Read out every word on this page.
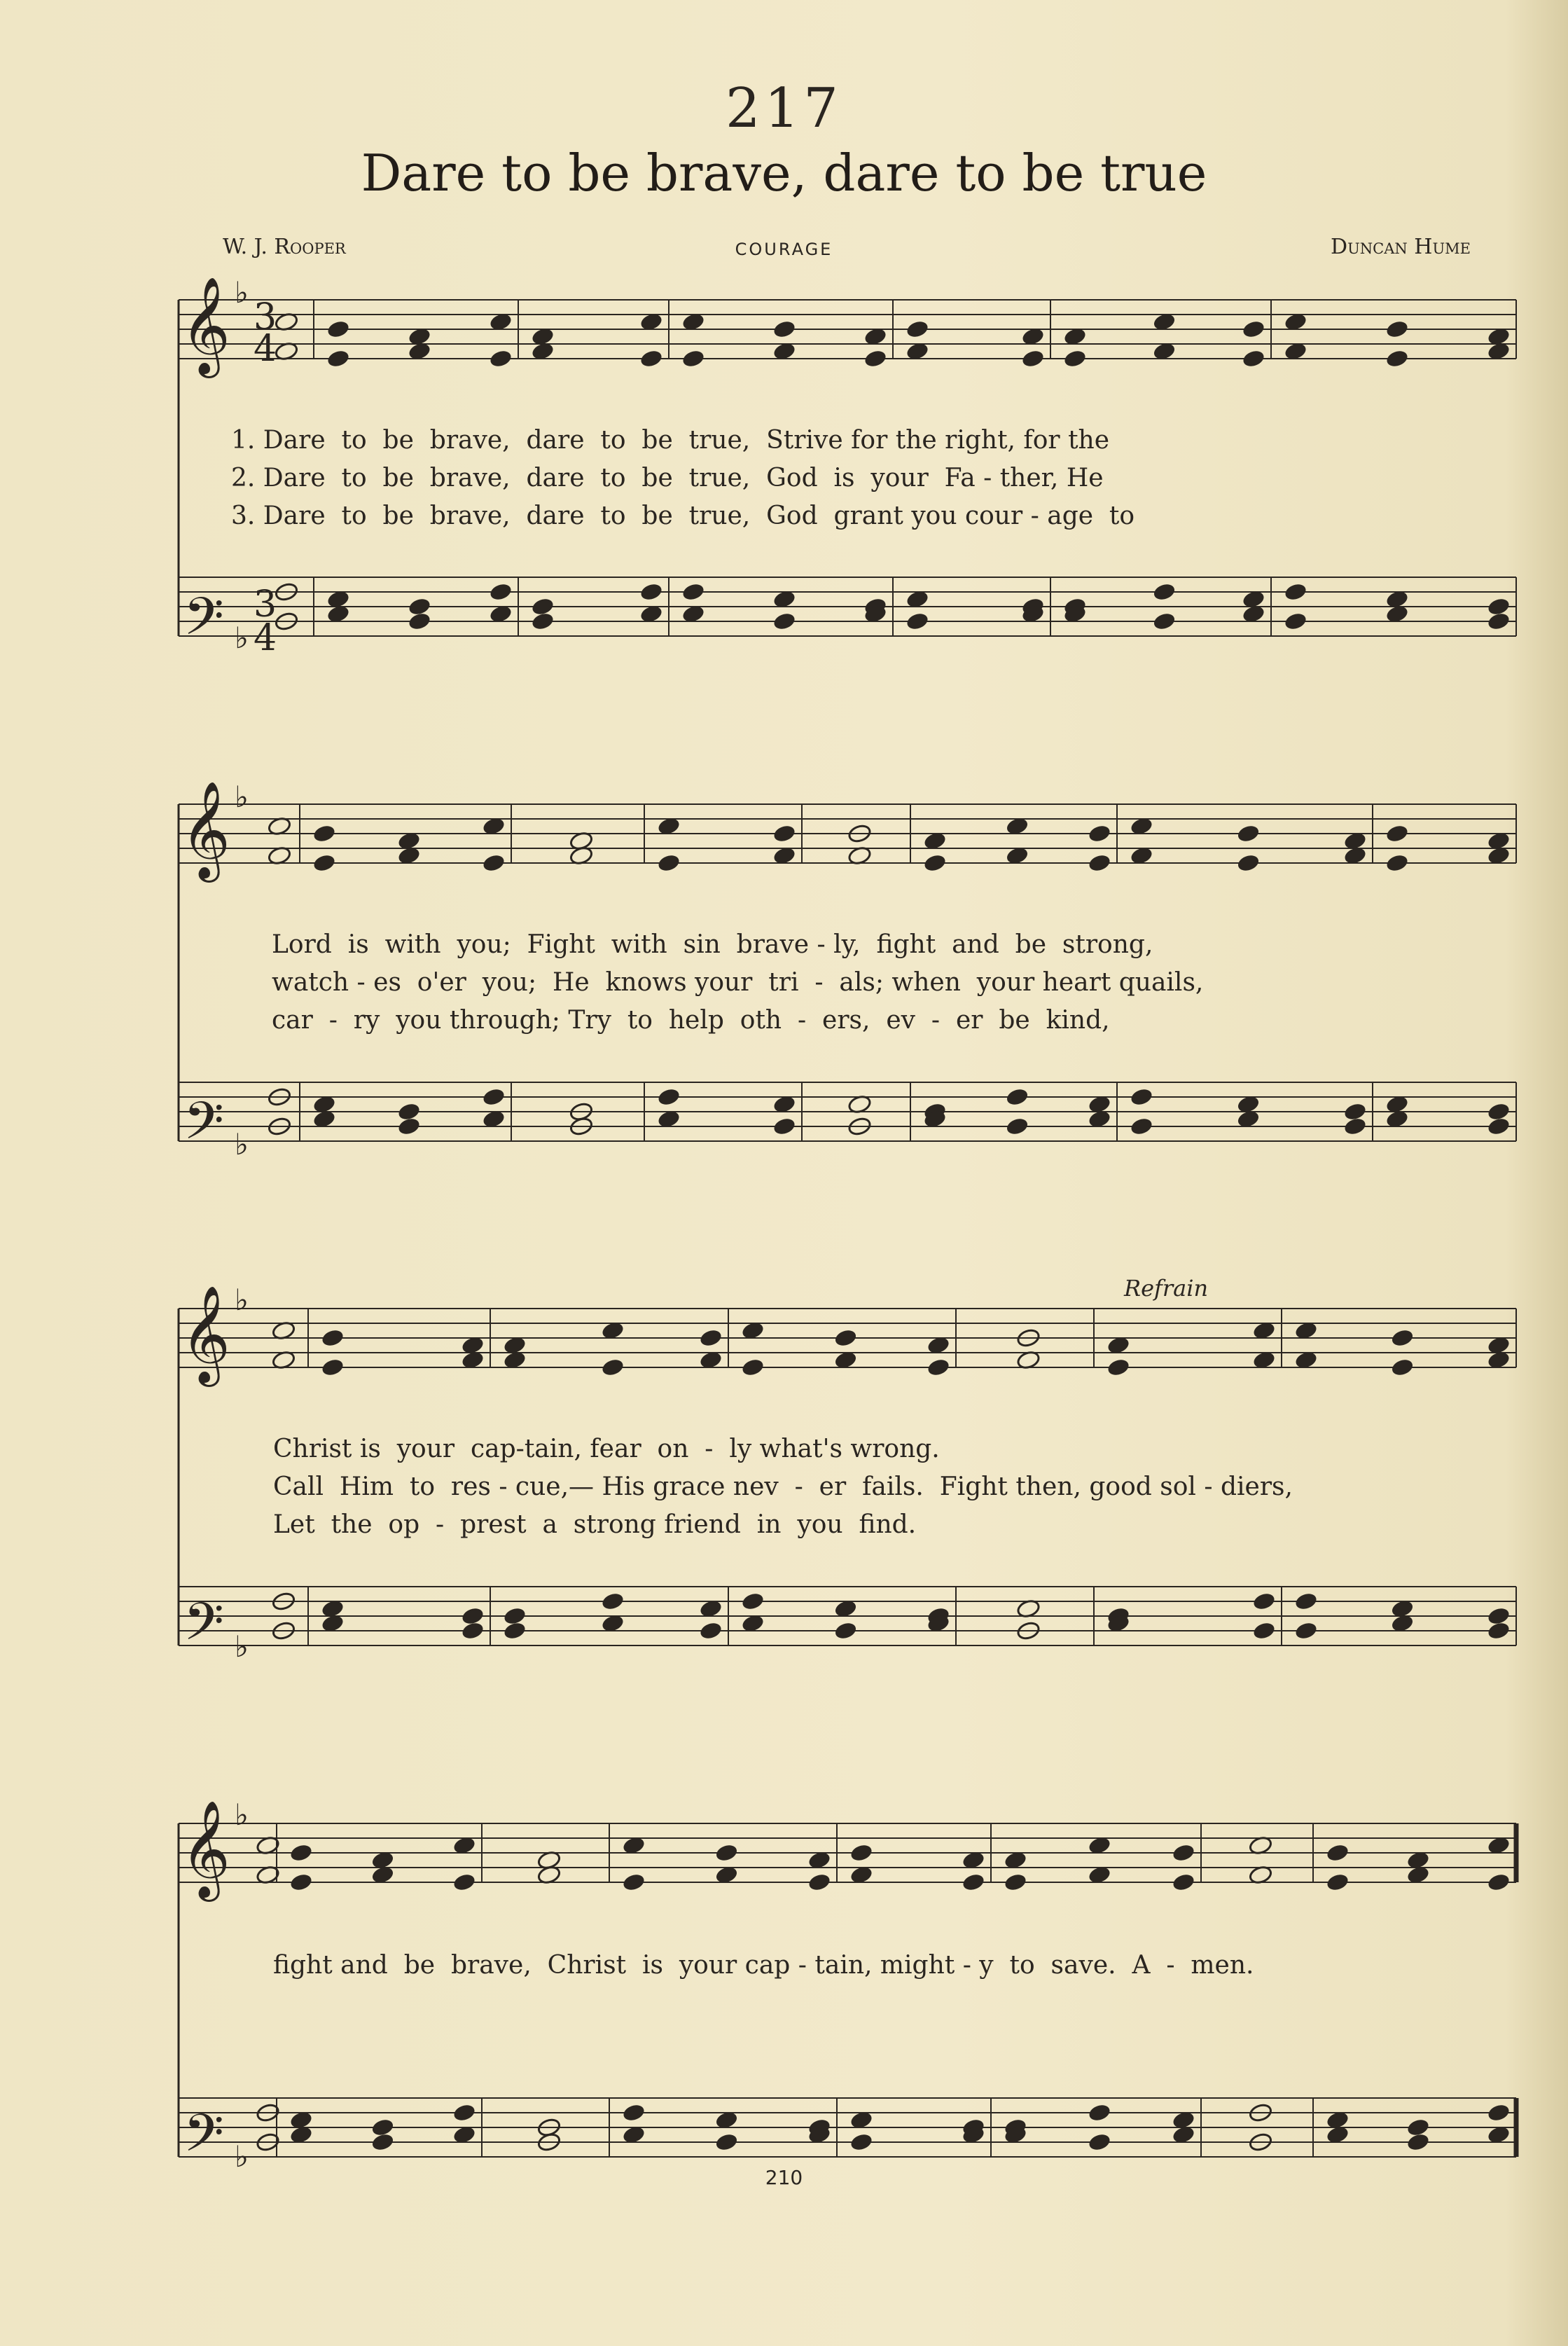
217
Dare to be brave, dare to be true
W. J. Rooper	COURAGE	Duncan Hume
𝄞
𝄞
𝄞
𝄞
𝄢
𝄢
𝄢
𝄢
3
4
3
4
♭
♭
♭
♭
♭
♭
♭
♭
1. Dare  to  be  brave,  dare  to  be  true,  Strive for the right, for the
2. Dare  to  be  brave,  dare  to  be  true,  God  is  your  Fa - ther, He
3. Dare  to  be  brave,  dare  to  be  true,  God  grant you cour - age  to
Lord  is  with  you;  Fight  with  sin  brave - ly,  fight  and  be  strong,
watch - es  o'er  you;  He  knows your  tri  -  als; when  your heart quails,
car  -  ry  you through; Try  to  help  oth  -  ers,  ev  -  er  be  kind,
Refrain
Christ is  your  cap-tain, fear  on  -  ly what's wrong.
Call  Him  to  res - cue,— His grace nev  -  er  fails.  Fight then, good sol - diers,
Let  the  op  -  prest  a  strong friend  in  you  find.
fight and  be  brave,  Christ  is  your cap - tain, might - y  to  save.  A  -  men.
210
